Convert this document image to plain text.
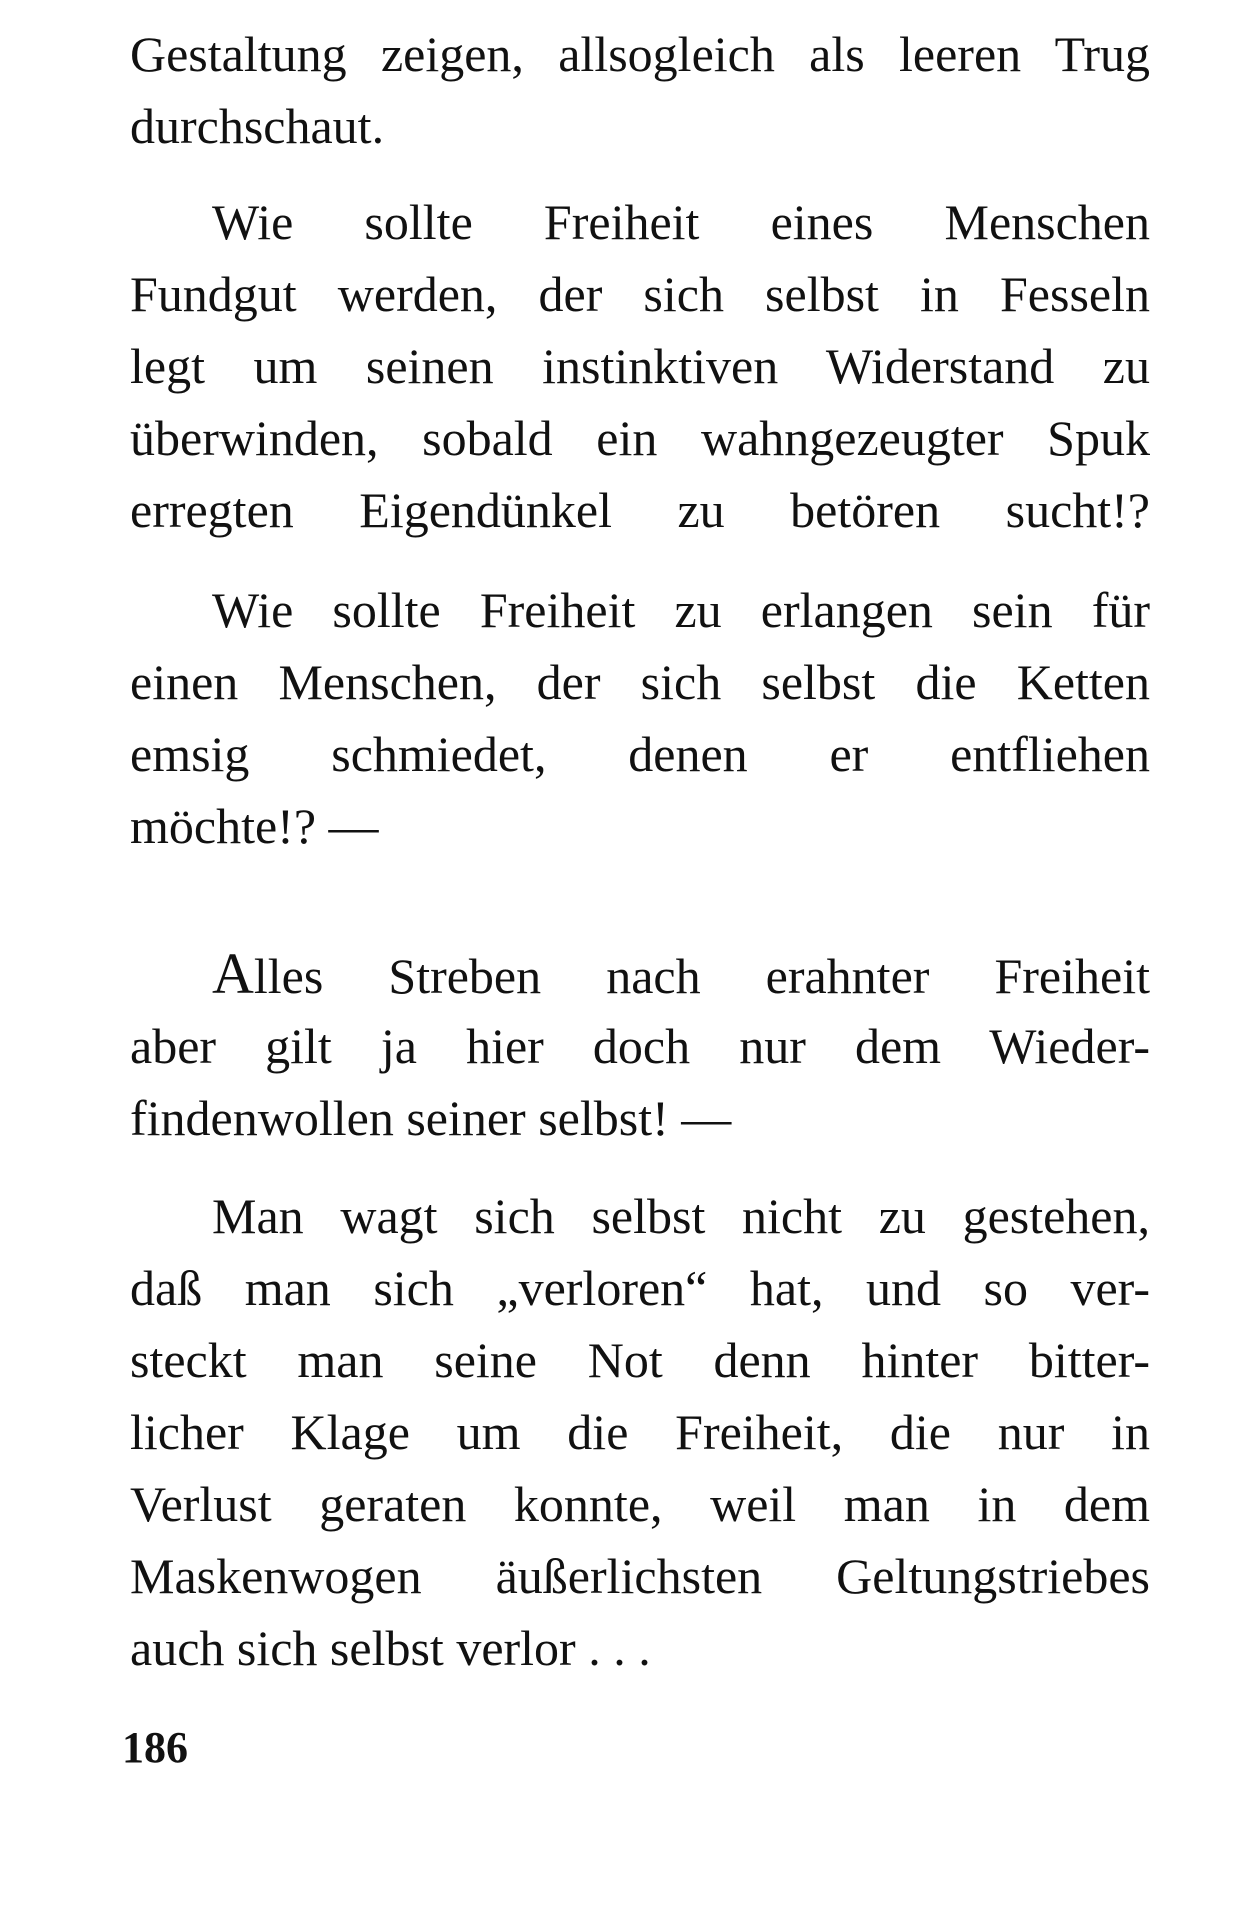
Gestaltung zeigen, allsogleich als leeren Trug
durchschaut.
Wie sollte Freiheit eines Menschen
Fundgut werden, der sich selbst in Fesseln
legt um seinen instinktiven Widerstand zu
überwinden, sobald ein wahngezeugter Spuk
erregten Eigendünkel zu betören sucht!?
Wie sollte Freiheit zu erlangen sein für
einen Menschen, der sich selbst die Ketten
emsig schmiedet, denen er entfliehen
möchte!? —
Alles Streben nach erahnter Freiheit
aber gilt ja hier doch nur dem Wieder-
findenwollen seiner selbst! —
Man wagt sich selbst nicht zu gestehen,
daß man sich „verloren“ hat, und so ver-
steckt man seine Not denn hinter bitter-
licher Klage um die Freiheit, die nur in
Verlust geraten konnte, weil man in dem
Maskenwogen äußerlichsten Geltungstriebes
auch sich selbst verlor . . .
186
